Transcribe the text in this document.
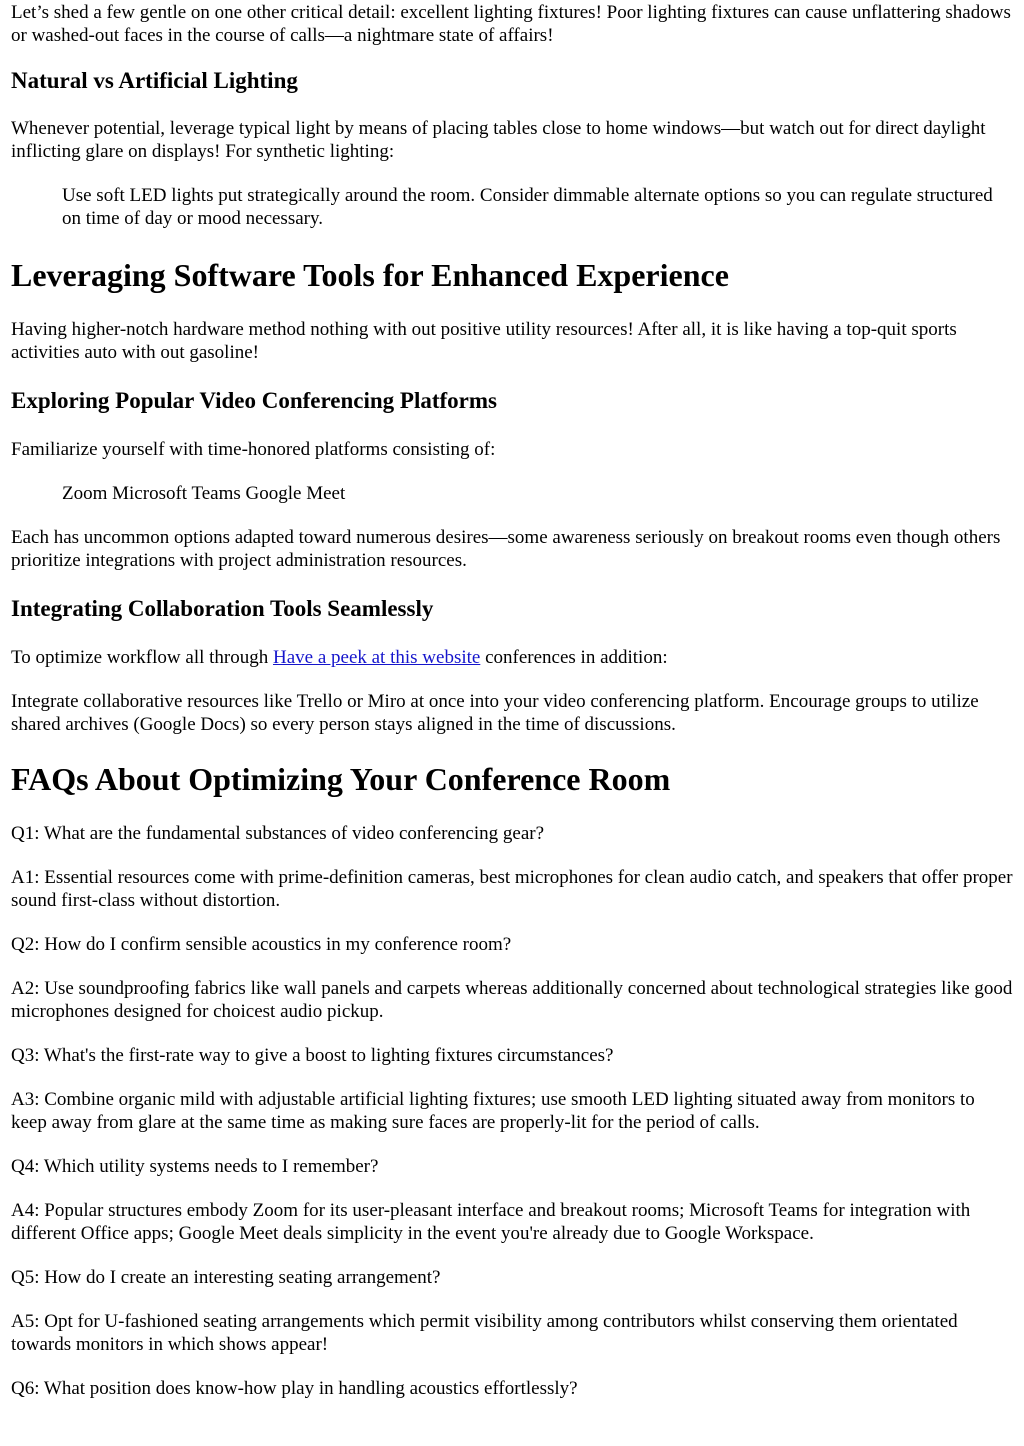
Let’s shed a few gentle on one other critical detail: excellent lighting fixtures! Poor lighting fixtures can cause unflattering shadows or washed-out faces in the course of calls—a nightmare state of affairs!

Natural vs Artificial Lighting

Whenever potential, leverage typical light by means of placing tables close to home windows—but watch out for direct daylight inflicting glare on displays! For synthetic lighting:

Use soft LED lights put strategically around the room. Consider dimmable alternate options so you can regulate structured on time of day or mood necessary.
Leveraging Software Tools for Enhanced Experience

Having higher-notch hardware method nothing with out positive utility resources! After all, it is like having a top-quit sports activities auto with out gasoline!

Exploring Popular Video Conferencing Platforms

Familiarize yourself with time-honored platforms consisting of:

Zoom Microsoft Teams Google Meet

Each has uncommon options adapted toward numerous desires—some awareness seriously on breakout rooms even though others prioritize integrations with project administration resources.

Integrating Collaboration Tools Seamlessly

To optimize workflow all through Have a peek at this website conferences in addition:

Integrate collaborative resources like Trello or Miro at once into your video conferencing platform. Encourage groups to utilize shared archives (Google Docs) so every person stays aligned in the time of discussions.

FAQs About Optimizing Your Conference Room

Q1: What are the fundamental substances of video conferencing gear?

A1: Essential resources come with prime-definition cameras, best microphones for clean audio catch, and speakers that offer proper sound first-class without distortion.

Q2: How do I confirm sensible acoustics in my conference room?

A2: Use soundproofing fabrics like wall panels and carpets whereas additionally concerned about technological strategies like good microphones designed for choicest audio pickup.

Q3: What's the first-rate way to give a boost to lighting fixtures circumstances?

A3: Combine organic mild with adjustable artificial lighting fixtures; use smooth LED lighting situated away from monitors to keep away from glare at the same time as making sure faces are properly-lit for the period of calls.

Q4: Which utility systems needs to I remember?

A4: Popular structures embody Zoom for its user-pleasant interface and breakout rooms; Microsoft Teams for integration with different Office apps; Google Meet deals simplicity in the event you're already due to Google Workspace.

Q5: How do I create an interesting seating arrangement?

A5: Opt for U-fashioned seating arrangements which permit visibility among contributors whilst conserving them orientated towards monitors in which shows appear!

Q6: What position does know-how play in handling acoustics effortlessly?
